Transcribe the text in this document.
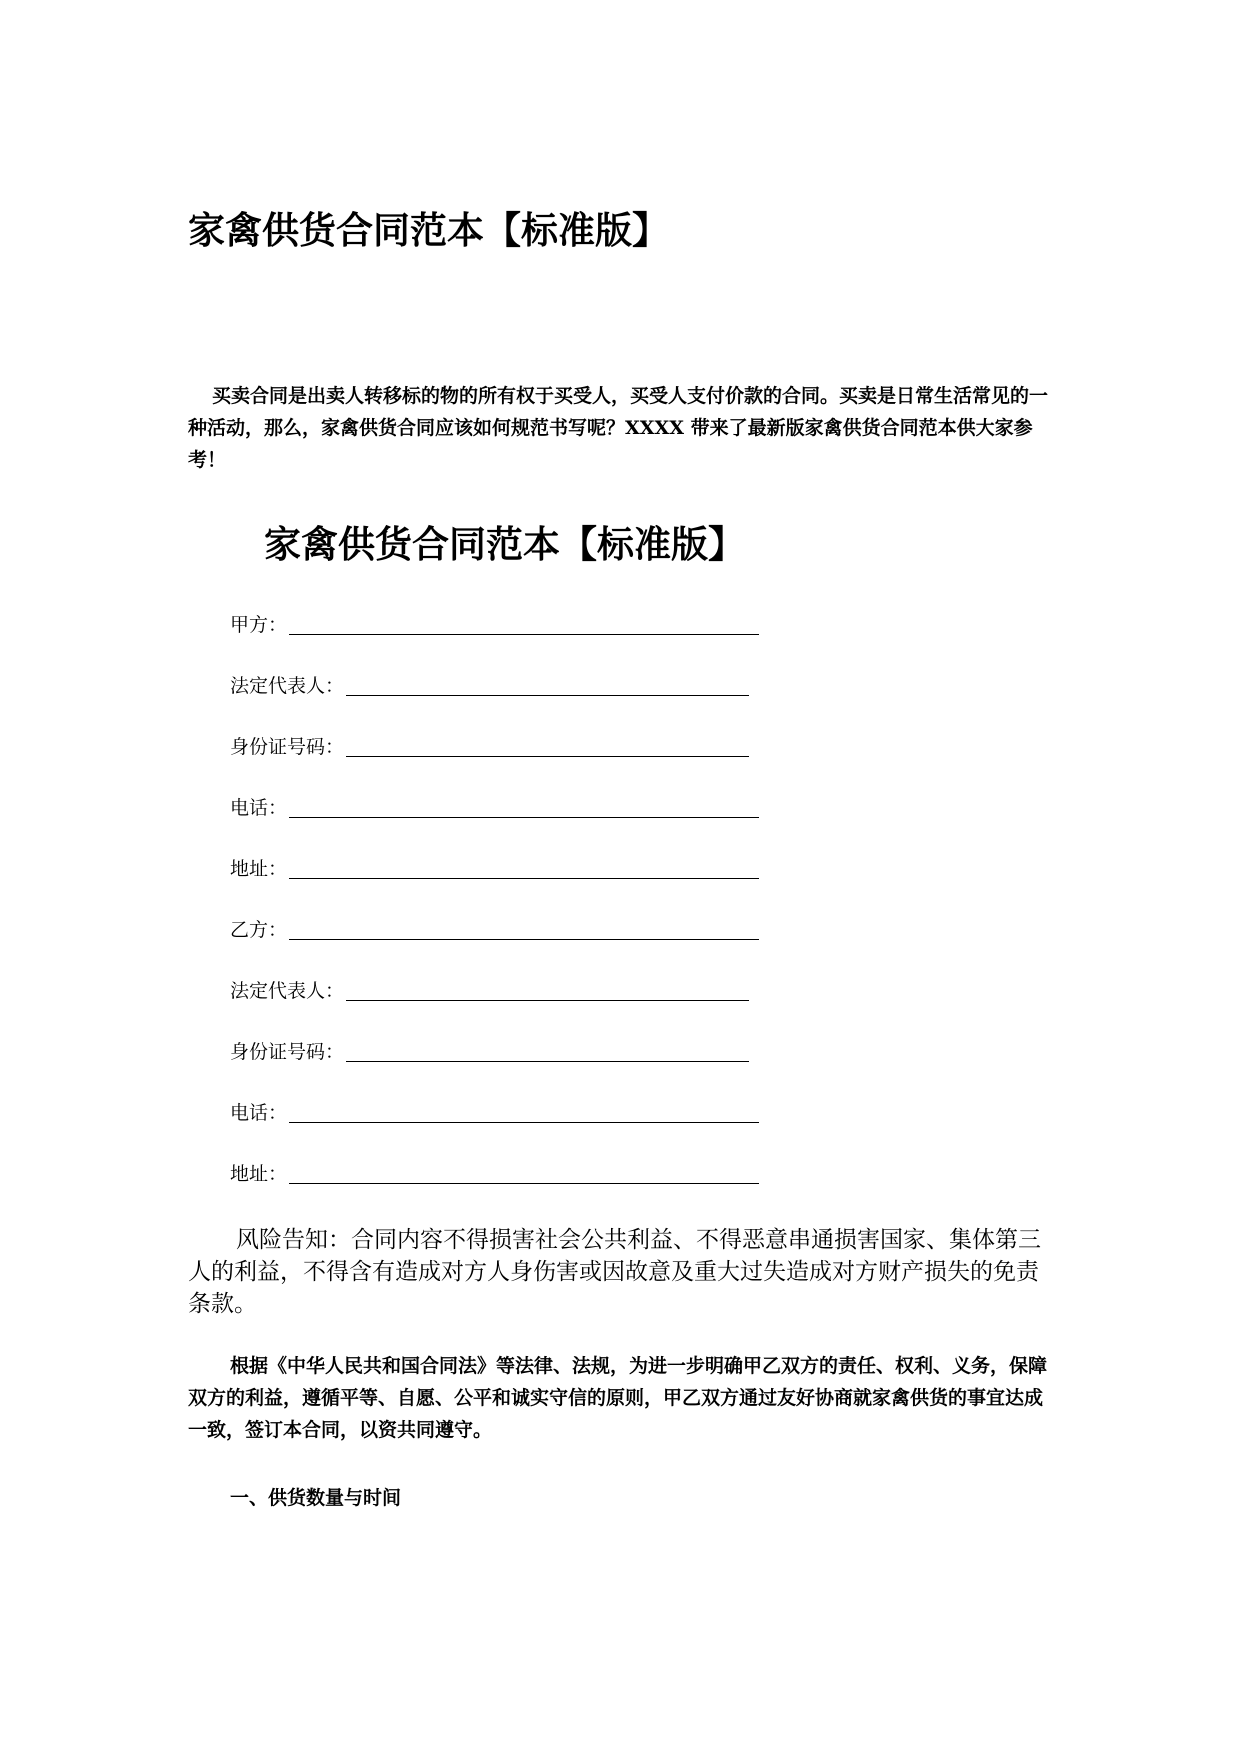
家禽供货合同范本【标准版】

买卖合同是出卖人转移标的物的所有权于买受人，买受人支付价款的合同。买卖是日常生活常见的一种活动，那么，家禽供货合同应该如何规范书写呢？XXXX 带来了最新版家禽供货合同范本供大家参考！

家禽供货合同范本【标准版】
甲方：
法定代表人：
身份证号码：
电话：
地址：
乙方：
法定代表人：
身份证号码：
电话：
地址：

风险告知：合同内容不得损害社会公共利益、不得恶意串通损害国家、集体第三人的利益，不得含有造成对方人身伤害或因故意及重大过失造成对方财产损失的免责条款。

根据《中华人民共和国合同法》等法律、法规，为进一步明确甲乙双方的责任、权利、义务，保障双方的利益，遵循平等、自愿、公平和诚实守信的原则，甲乙双方通过友好协商就家禽供货的事宜达成一致，签订本合同，以资共同遵守。

一、供货数量与时间
